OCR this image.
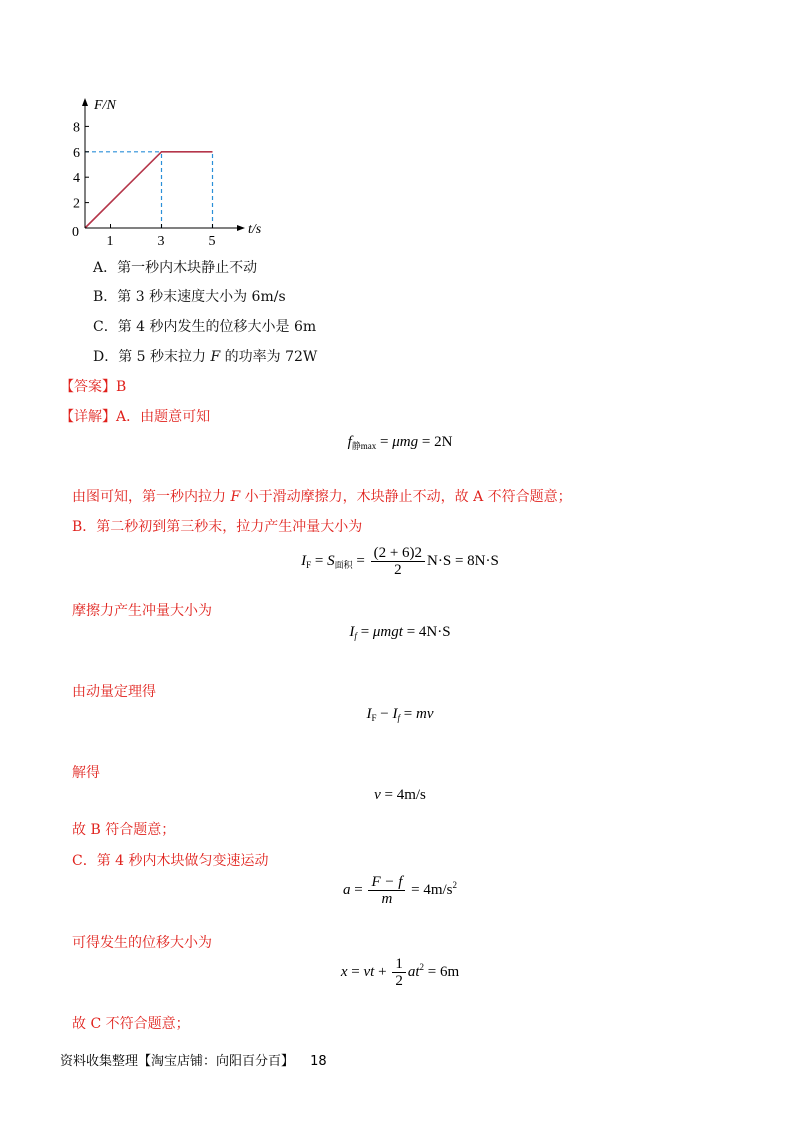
2
4
6
8
1	3	5
F/N
t/s
0
A．第一秒内木块静止不动
B．第 3 秒末速度大小为 6m/s
C．第 4 秒内发生的位移大小是 6m
D．第 5 秒末拉力 F 的功率为 72W
【答案】B
【详解】A．由题意可知
$f_{静max} = \mu mg = 2N$
由图可知，第一秒内拉力 F 小于滑动摩擦力，木块静止不动，故 A 不符合题意；
B．第二秒初到第三秒末，拉力产生冲量大小为
$I_F = S_{面积} = \frac{(2 + 6)2}{2} N\cdot S = 8N\cdot S$
摩擦力产生冲量大小为
$I_f = \mu mgt = 4N\cdot S$
由动量定理得
$I_F - I_f$ = mv
解得
v = 4m/s
故 B 符合题意；
C．第 4 秒内木块做匀变速运动
$a = \frac{F - f}{m} = 4m/s^2$
可得发生的位移大小为
x = vt + $\frac{1}{2} at^2 = 6m$
故 C 不符合题意；
资料收集整理【淘宝店铺：向阳百分百】 18
